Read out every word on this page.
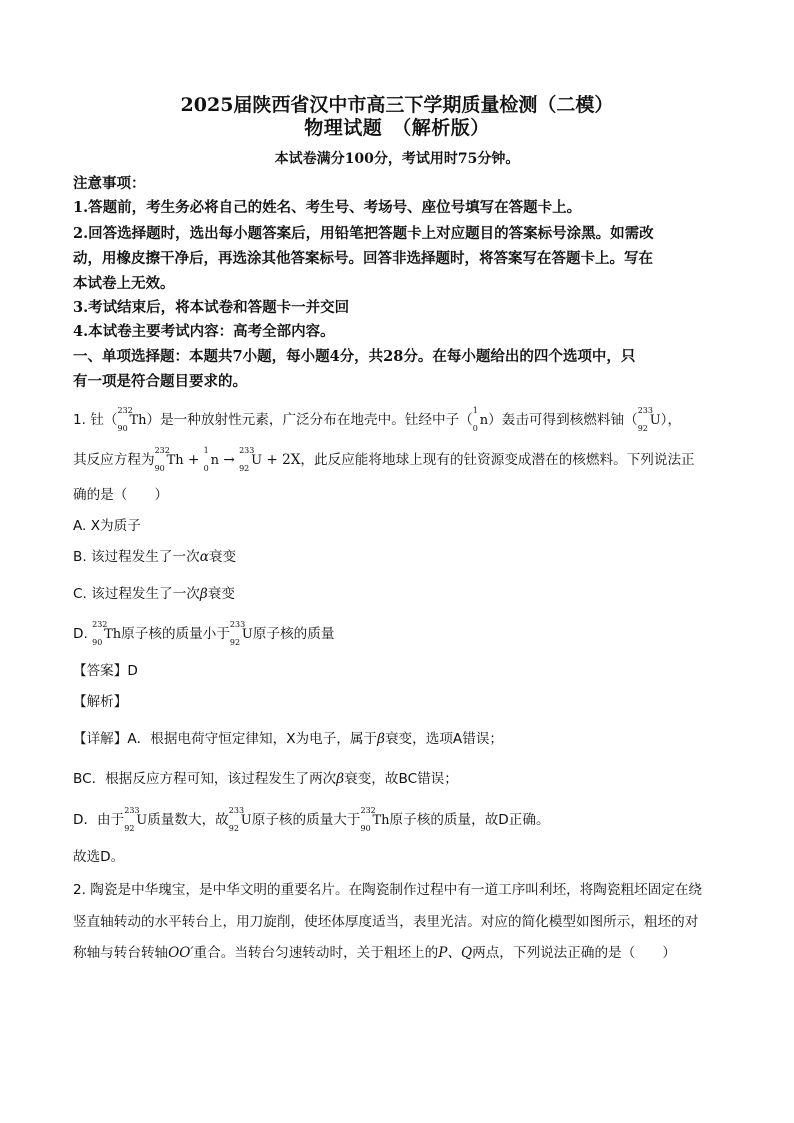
2025届陕西省汉中市高三下学期质量检测（二模）
物理试题　（解析版）
本试卷满分100分，考试用时75分钟。
注意事项：
1.答题前，考生务必将自己的姓名、考生号、考场号、座位号填写在答题卡上。
2.回答选择题时，选出每小题答案后，用铅笔把答题卡上对应题目的答案标号涂黑。如需改
动，用橡皮擦干净后，再选涂其他答案标号。回答非选择题时，将答案写在答题卡上。写在
本试卷上无效。
3.考试结束后，将本试卷和答题卡一并交回
4.本试卷主要考试内容：高考全部内容。
一、单项选择题：本题共7小题，每小题4分，共28分。在每小题给出的四个选项中，只
有一项是符合题目要求的。
1. 钍（
232
90
Th）是一种放射性元素，广泛分布在地壳中。钍经中子（
1
0
n）轰击可得到核燃料铀（
233
92
U），
其反应方程为
232
90
Th +
1
0
n →
233
92
U + 2X，此反应能将地球上现有的钍资源变成潜在的核燃料。下列说法正
确的是（　　）
A. X为质子
B. 该过程发生了一次α衰变
C. 该过程发生了一次β衰变
D.
232
90
Th原子核的质量小于
233
92
U原子核的质量
【答案】D
【解析】
【详解】A．根据电荷守恒定律知，X为电子，属于β衰变，选项A错误；
BC．根据反应方程可知，该过程发生了两次β衰变，故BC错误；
D．由于
233
92
U质量数大，故
233
92
U原子核的质量大于
232
90
Th原子核的质量，故D正确。
故选D。
2. 陶瓷是中华瑰宝，是中华文明的重要名片。在陶瓷制作过程中有一道工序叫利坯，将陶瓷粗坯固定在绕
竖直轴转动的水平转台上，用刀旋削，使坯体厚度适当，表里光洁。对应的简化模型如图所示，粗坯的对
称轴与转台转轴OO′重合。当转台匀速转动时，关于粗坯上的P、Q两点，下列说法正确的是（　　）
